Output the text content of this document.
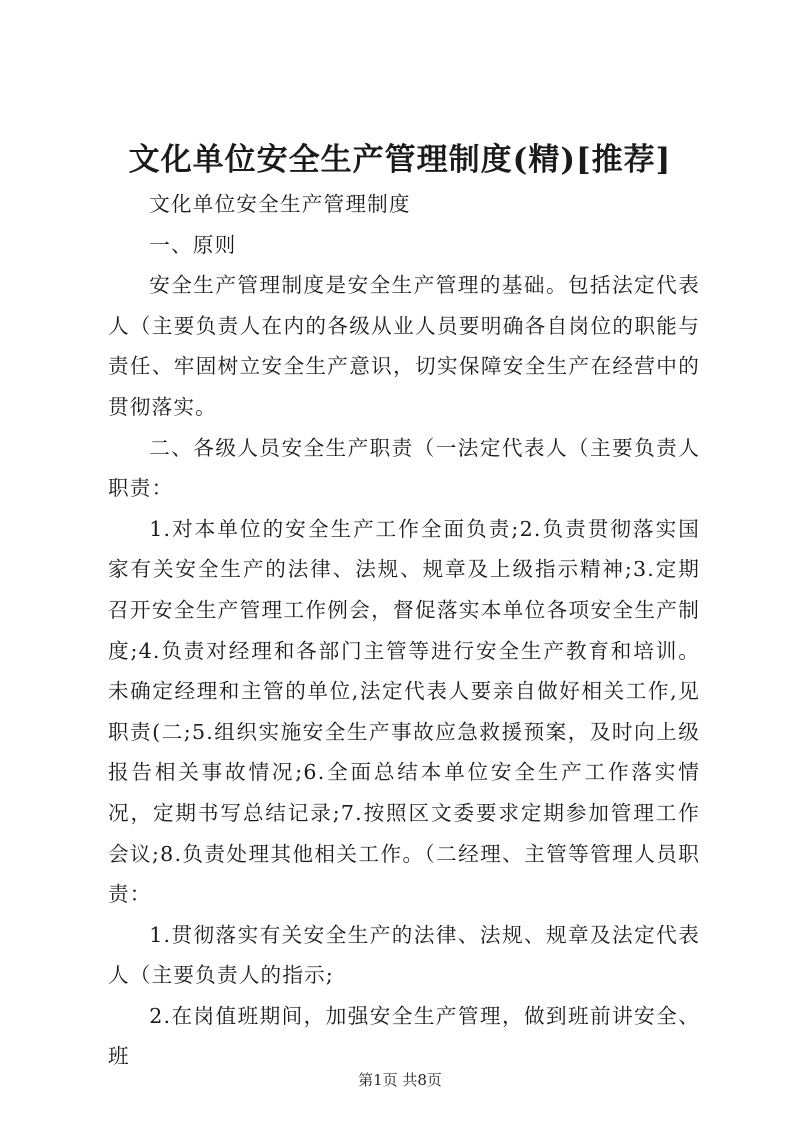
文化单位安全生产管理制度(精)[推荐]

文化单位安全生产管理制度

一、原则

安全生产管理制度是安全生产管理的基础。包括法定代表人（主要负责人在内的各级从业人员要明确各自岗位的职能与责任、牢固树立安全生产意识，切实保障安全生产在经营中的贯彻落实。

二、各级人员安全生产职责（一法定代表人（主要负责人职责：

1.对本单位的安全生产工作全面负责;2.负责贯彻落实国家有关安全生产的法律、法规、规章及上级指示精神;3.定期召开安全生产管理工作例会，督促落实本单位各项安全生产制度;4.负责对经理和各部门主管等进行安全生产教育和培训。未确定经理和主管的单位,法定代表人要亲自做好相关工作,见职责(二;5.组织实施安全生产事故应急救援预案，及时向上级报告相关事故情况;6.全面总结本单位安全生产工作落实情况，定期书写总结记录;7.按照区文委要求定期参加管理工作会议;8.负责处理其他相关工作。（二经理、主管等管理人员职责：

1.贯彻落实有关安全生产的法律、法规、规章及法定代表人（主要负责人的指示;

2.在岗值班期间，加强安全生产管理，做到班前讲安全、班

第1页 共8页
